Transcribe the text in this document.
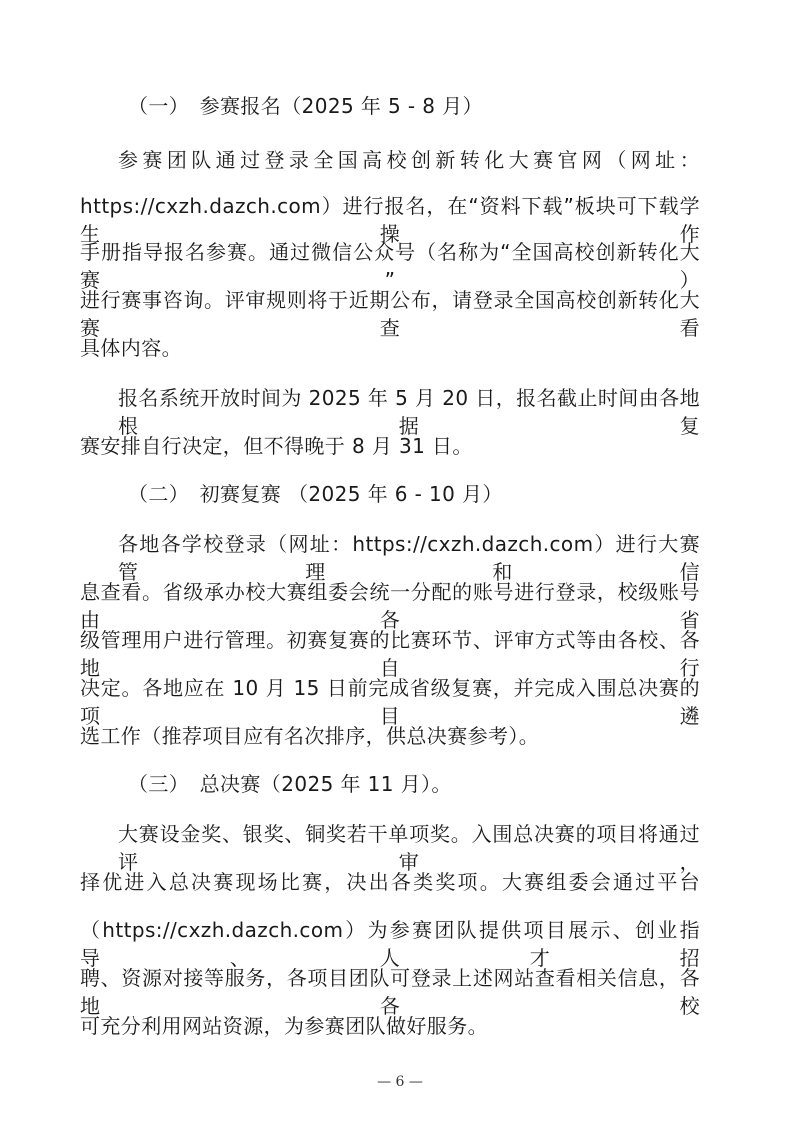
（一）　参赛报名（2025 年 5 - 8 月）
参赛团队通过登录全国高校创新转化大赛官网（网址：
https://cxzh.dazch.com）进行报名，在“资料下载”板块可下载学生操作
手册指导报名参赛。通过微信公众号（名称为“全国高校创新转化大赛”）
进行赛事咨询。评审规则将于近期公布，请登录全国高校创新转化大赛查看
具体内容。
报名系统开放时间为 2025 年 5 月 20 日，报名截止时间由各地根据复
赛安排自行决定，但不得晚于 8 月 31 日。
（二）　初赛复赛 （2025 年 6 - 10 月）
各地各学校登录（网址：https://cxzh.dazch.com）进行大赛管理和信
息查看。省级承办校大赛组委会统一分配的账号进行登录，校级账号由各省
级管理用户进行管理。初赛复赛的比赛环节、评审方式等由各校、各地自行
决定。各地应在 10 月 15 日前完成省级复赛，并完成入围总决赛的项目遴
选工作（推荐项目应有名次排序，供总决赛参考）。
（三）　总决赛（2025 年 11 月）。
大赛设金奖、银奖、铜奖若干单项奖。入围总决赛的项目将通过评审，
择优进入总决赛现场比赛，决出各类奖项。大赛组委会通过平台
（https://cxzh.dazch.com）为参赛团队提供项目展示、创业指导、人才招
聘、资源对接等服务，各项目团队可登录上述网站查看相关信息，各地各校
可充分利用网站资源，为参赛团队做好服务。
— 6 —
